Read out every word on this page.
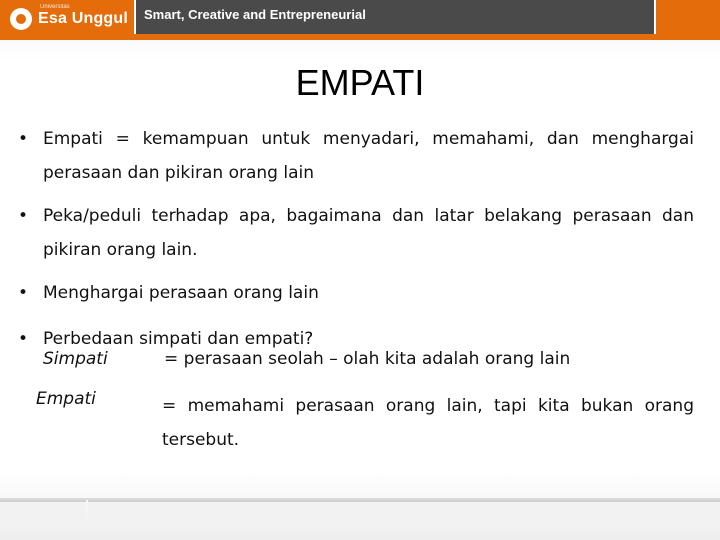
Universitas
Esa Unggul Smart, Creative and Entrepreneurial
EMPATI
• Empati = kemampuan untuk menyadari, memahami, dan menghargai perasaan dan pikiran orang lain
• Peka/peduli terhadap apa, bagaimana dan latar belakang perasaan dan pikiran orang lain.
• Menghargai perasaan orang lain
• Perbedaan simpati dan empati?
Simpati	= perasaan seolah – olah kita adalah orang lain
Empati	= memahami perasaan orang lain, tapi kita bukan orang tersebut.
